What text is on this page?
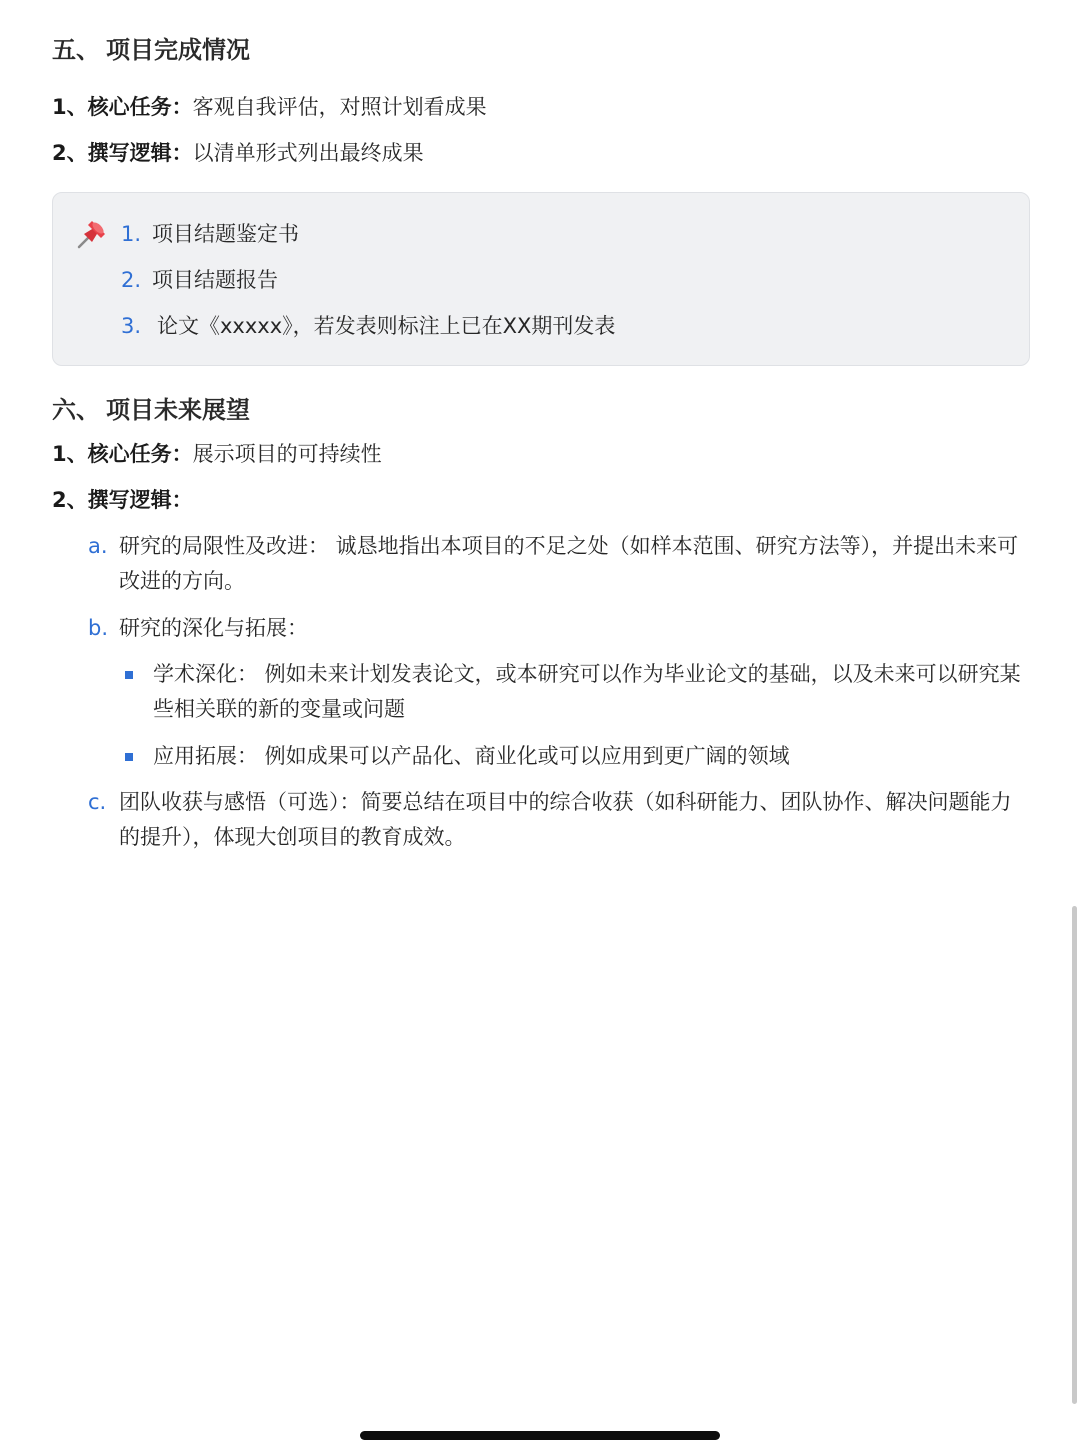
五、 项目完成情况
1、核心任务：客观自我评估，对照计划看成果
2、撰写逻辑：以清单形式列出最终成果
1. 项目结题鉴定书
2. 项目结题报告
3. 论文《xxxxx》，若发表则标注上已在XX期刊发表
六、 项目未来展望
1、核心任务：展示项目的可持续性
2、撰写逻辑：
a. 研究的局限性及改进： 诚恳地指出本项目的不足之处（如样本范围、研究方法等），并提出未来可改进的方向。
b. 研究的深化与拓展：
学术深化： 例如未来计划发表论文，或本研究可以作为毕业论文的基础，以及未来可以研究某些相关联的新的变量或问题
应用拓展： 例如成果可以产品化、商业化或可以应用到更广阔的领域
c. 团队收获与感悟（可选）：简要总结在项目中的综合收获（如科研能力、团队协作、解决问题能力的提升），体现大创项目的教育成效。
